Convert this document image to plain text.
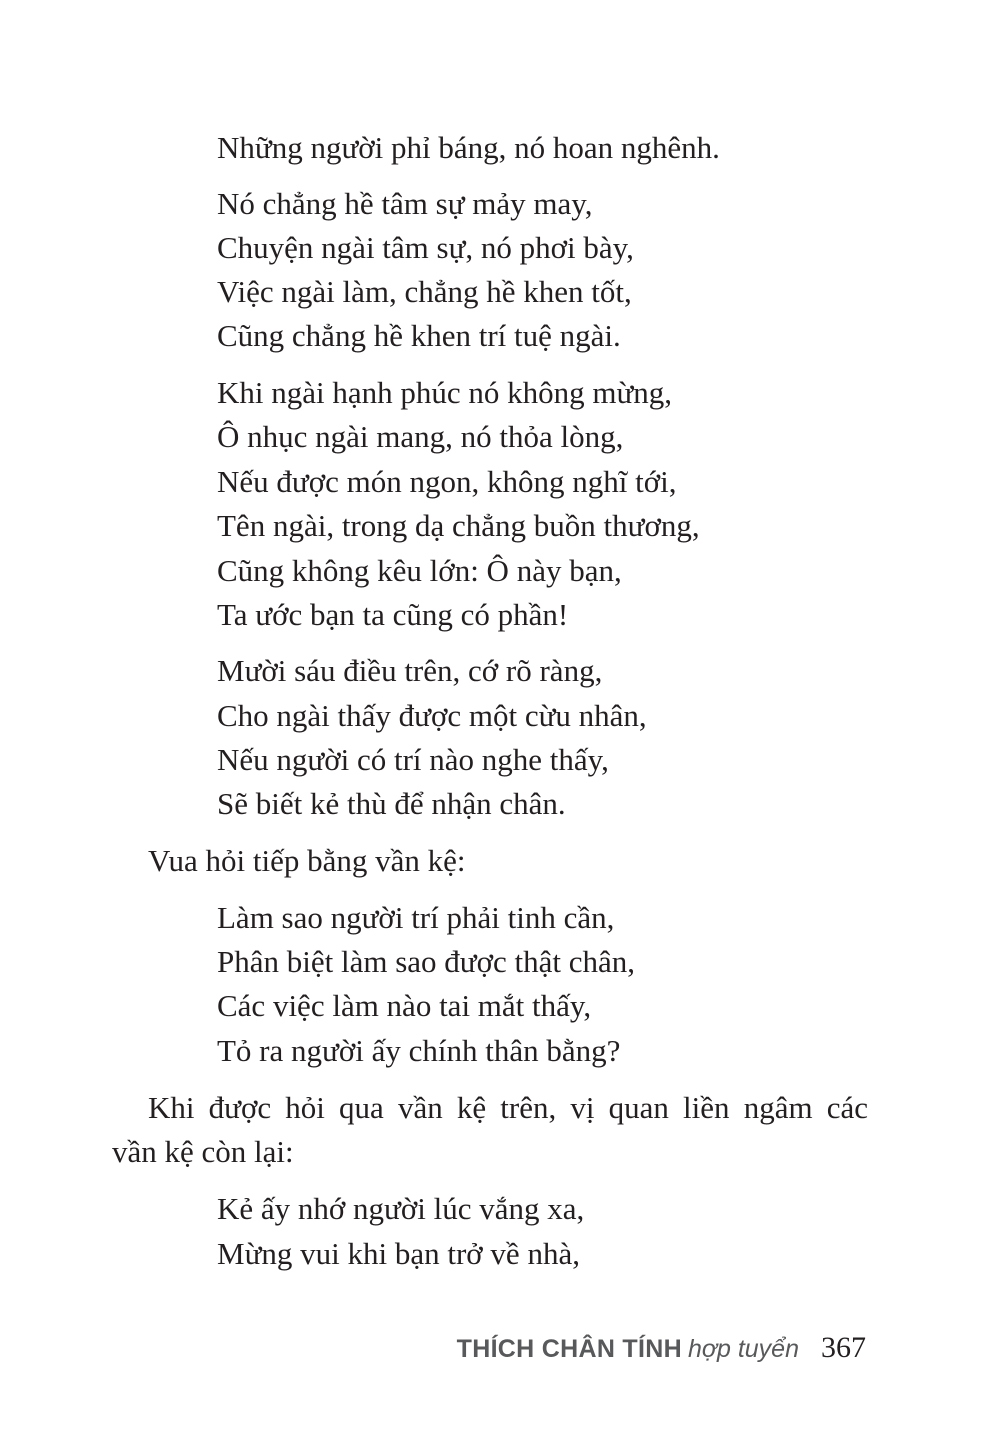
Những người phỉ báng, nó hoan nghênh.
Nó chẳng hề tâm sự mảy may,
Chuyện ngài tâm sự, nó phơi bày,
Việc ngài làm, chẳng hề khen tốt,
Cũng chẳng hề khen trí tuệ ngài.
Khi ngài hạnh phúc nó không mừng,
Ô nhục ngài mang, nó thỏa lòng,
Nếu được món ngon, không nghĩ tới,
Tên ngài, trong dạ chẳng buồn thương,
Cũng không kêu lớn: Ô này bạn,
Ta ước bạn ta cũng có phần!
Mười sáu điều trên, cớ rõ ràng,
Cho ngài thấy được một cừu nhân,
Nếu người có trí nào nghe thấy,
Sẽ biết kẻ thù để nhận chân.
Vua hỏi tiếp bằng vần kệ:
Làm sao người trí phải tinh cần,
Phân biệt làm sao được thật chân,
Các việc làm nào tai mắt thấy,
Tỏ ra người ấy chính thân bằng?
Khi được hỏi qua vần kệ trên, vị quan liền ngâm các
vần kệ còn lại:
Kẻ ấy nhớ người lúc vắng xa,
Mừng vui khi bạn trở về nhà,
THÍCH CHÂN TÍNH hợp tuyển 367
